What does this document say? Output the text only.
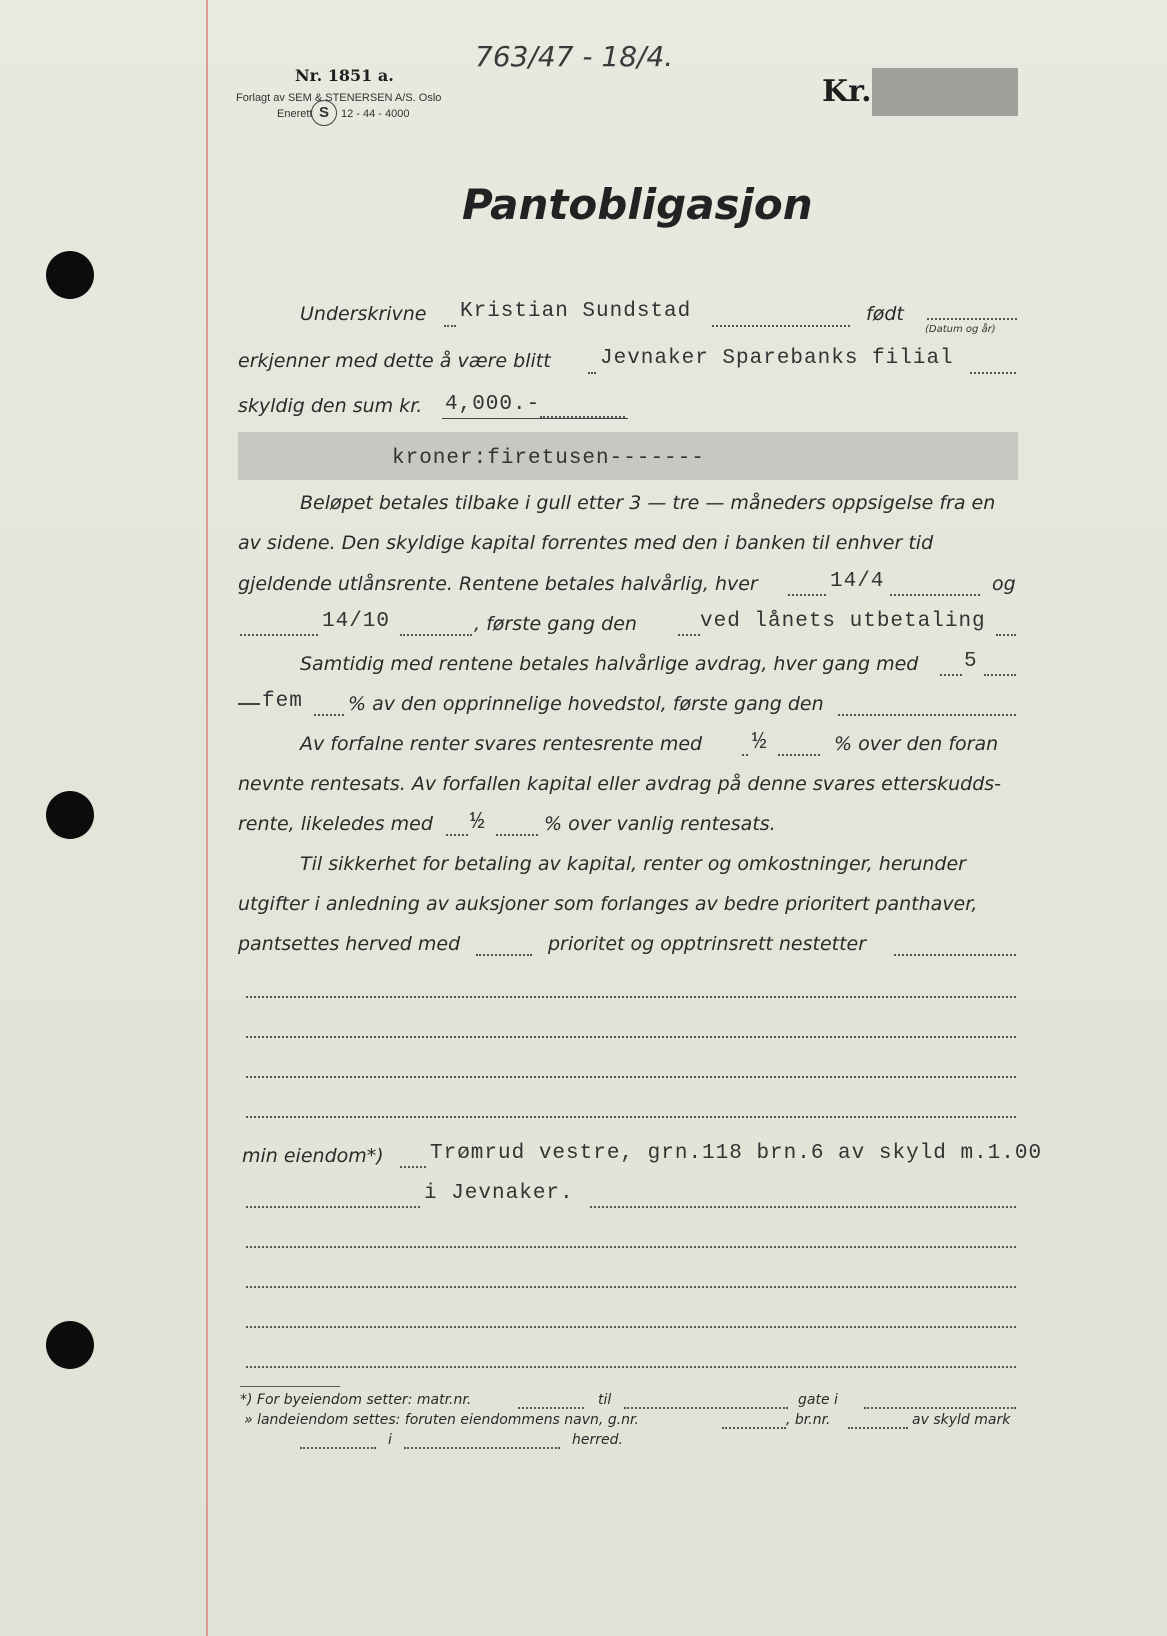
Nr. 1851 a.
Forlagt av SEM & STENERSEN A/S. Oslo
Enerett S	12 - 44 - 4000
763/47 - 18/4.
Kr.
Pantobligasjon
Underskrivne Kristian Sundstad	født
(Datum og år)
erkjenner med dette å være blitt Jevnaker Sparebanks filial
skyldig den sum kr. 4,000.-
kroner:firetusen-------
Beløpet betales tilbake i gull etter 3 — tre — måneders oppsigelse fra en
av sidene. Den skyldige kapital forrentes med den i banken til enhver tid
gjeldende utlånsrente. Rentene betales halvårlig, hver	14/4	og
14/10	, første gang den	ved lånets utbetaling
Samtidig med rentene betales halvårlige avdrag, hver gang med 5
fem % av den opprinnelige hovedstol, første gang den
Av forfalne renter svares rentesrente med ½	% over den foran
nevnte rentesats. Av forfallen kapital eller avdrag på denne svares etterskudds-
rente, likeledes med ½	% over vanlig rentesats.
Til sikkerhet for betaling av kapital, renter og omkostninger, herunder
utgifter i anledning av auksjoner som forlanges av bedre prioritert panthaver,
pantsettes herved med	prioritet og opptrinsrett nestetter
min eiendom*) Trømrud vestre, grn.118 brn.6 av skyld m.1.00
i Jevnaker.
*) For byeiendom setter: matr.nr.	til	gate i
» landeiendom settes: foruten eiendommens navn, g.nr.	, br.nr.	av skyld mark
i	herred.
